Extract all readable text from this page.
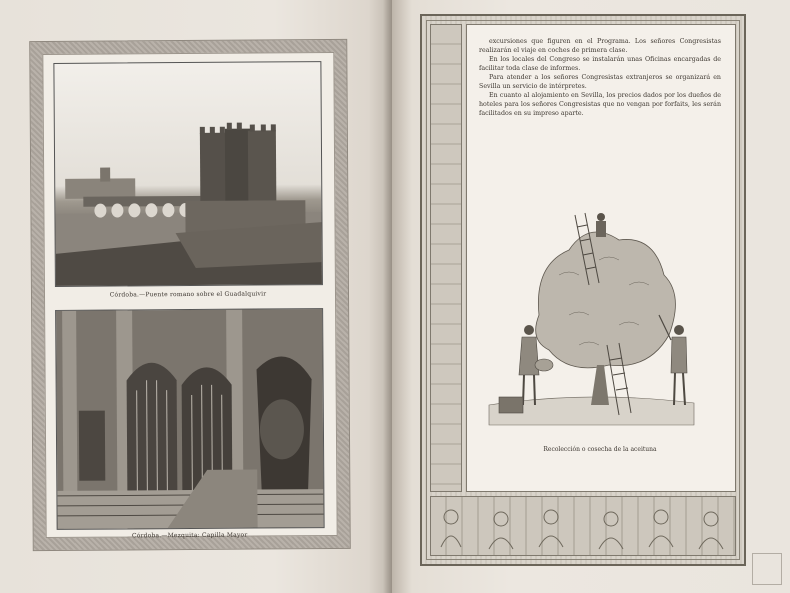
Córdoba.—Puente romano sobre el Guadalquivir
Córdoba.—Mezquita: Capilla Mayor

excursiones que figuren en el Programa. Los señores Congresistas realizarán el viaje en coches de primera clase.

En los locales del Congreso se instalarán unas Oficinas encargadas de facilitar toda clase de informes.

Para atender a los señores Congresistas extranjeros se organizará en Sevilla un servicio de intérpretes.

En cuanto al alojamiento en Sevilla, los precios dados por los dueños de hoteles para los señores Congresistas que no vengan por forfaits, les serán facilitados en su impreso aparte.

Recolección o cosecha de la aceituna
